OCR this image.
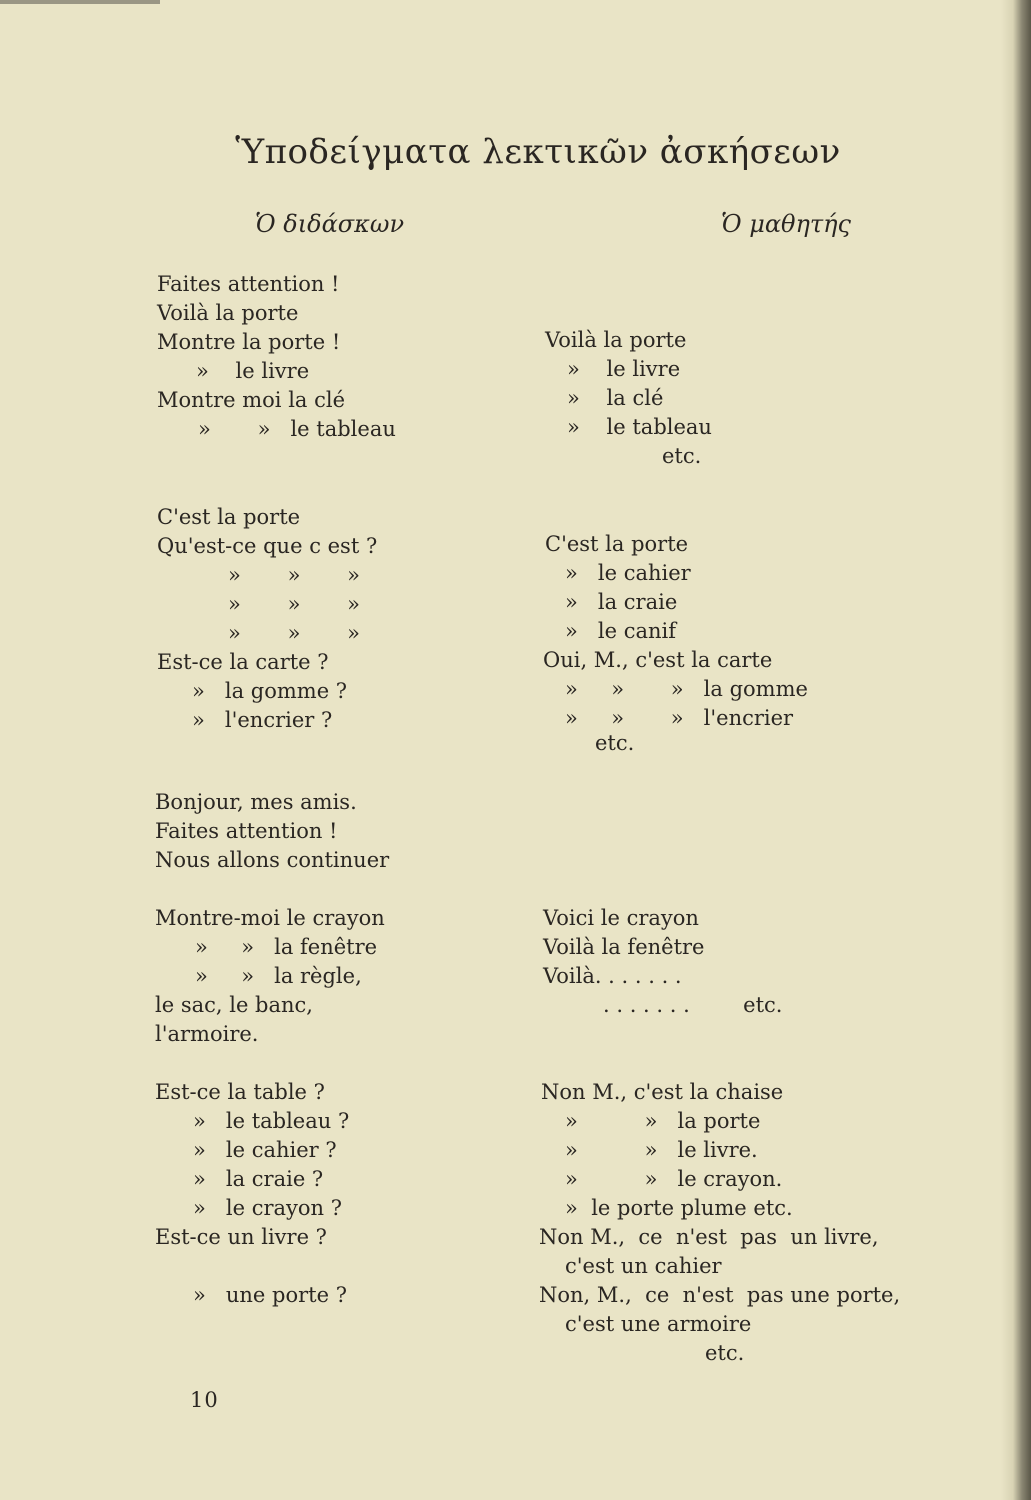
Ὑποδείγματα λεκτικῶν ἀσκήσεων
Ὁ διδάσκων	Ὁ μαθητής
Faites attention !
Voilà la porte
Montre la porte !
»    le livre
Montre moi la clé
»       »   le tableau
Voilà la porte
»    le livre
»    la clé
»    le tableau
etc.
C'est la porte
Qu'est-ce que c est ?
»       »       »
»       »       »
»       »       »
Est-ce la carte ?
»   la gomme ?
»   l'encrier ?
C'est la porte
»   le cahier
»   la craie
»   le canif
Oui, M., c'est la carte
»     »       »   la gomme
»     »       »   l'encrier
etc.
Bonjour, mes amis.
Faites attention !
Nous allons continuer
Montre-moi le crayon
»     »   la fenêtre
»     »   la règle,
le sac, le banc,
l'armoire.
Voici le crayon
Voilà la fenêtre
Voilà. . . . . . .
. . . . . . .        etc.
Est-ce la table ?
»   le tableau ?
»   le cahier ?
»   la craie ?
»   le crayon ?
Est-ce un livre ?
»   une porte ?
Non M., c'est la chaise
»          »   la porte
»          »   le livre.
»          »   le crayon.
»  le porte plume etc.
Non M.,  ce  n'est  pas  un livre,
c'est un cahier
Non, M.,  ce  n'est  pas une porte,
c'est une armoire
etc.
10
